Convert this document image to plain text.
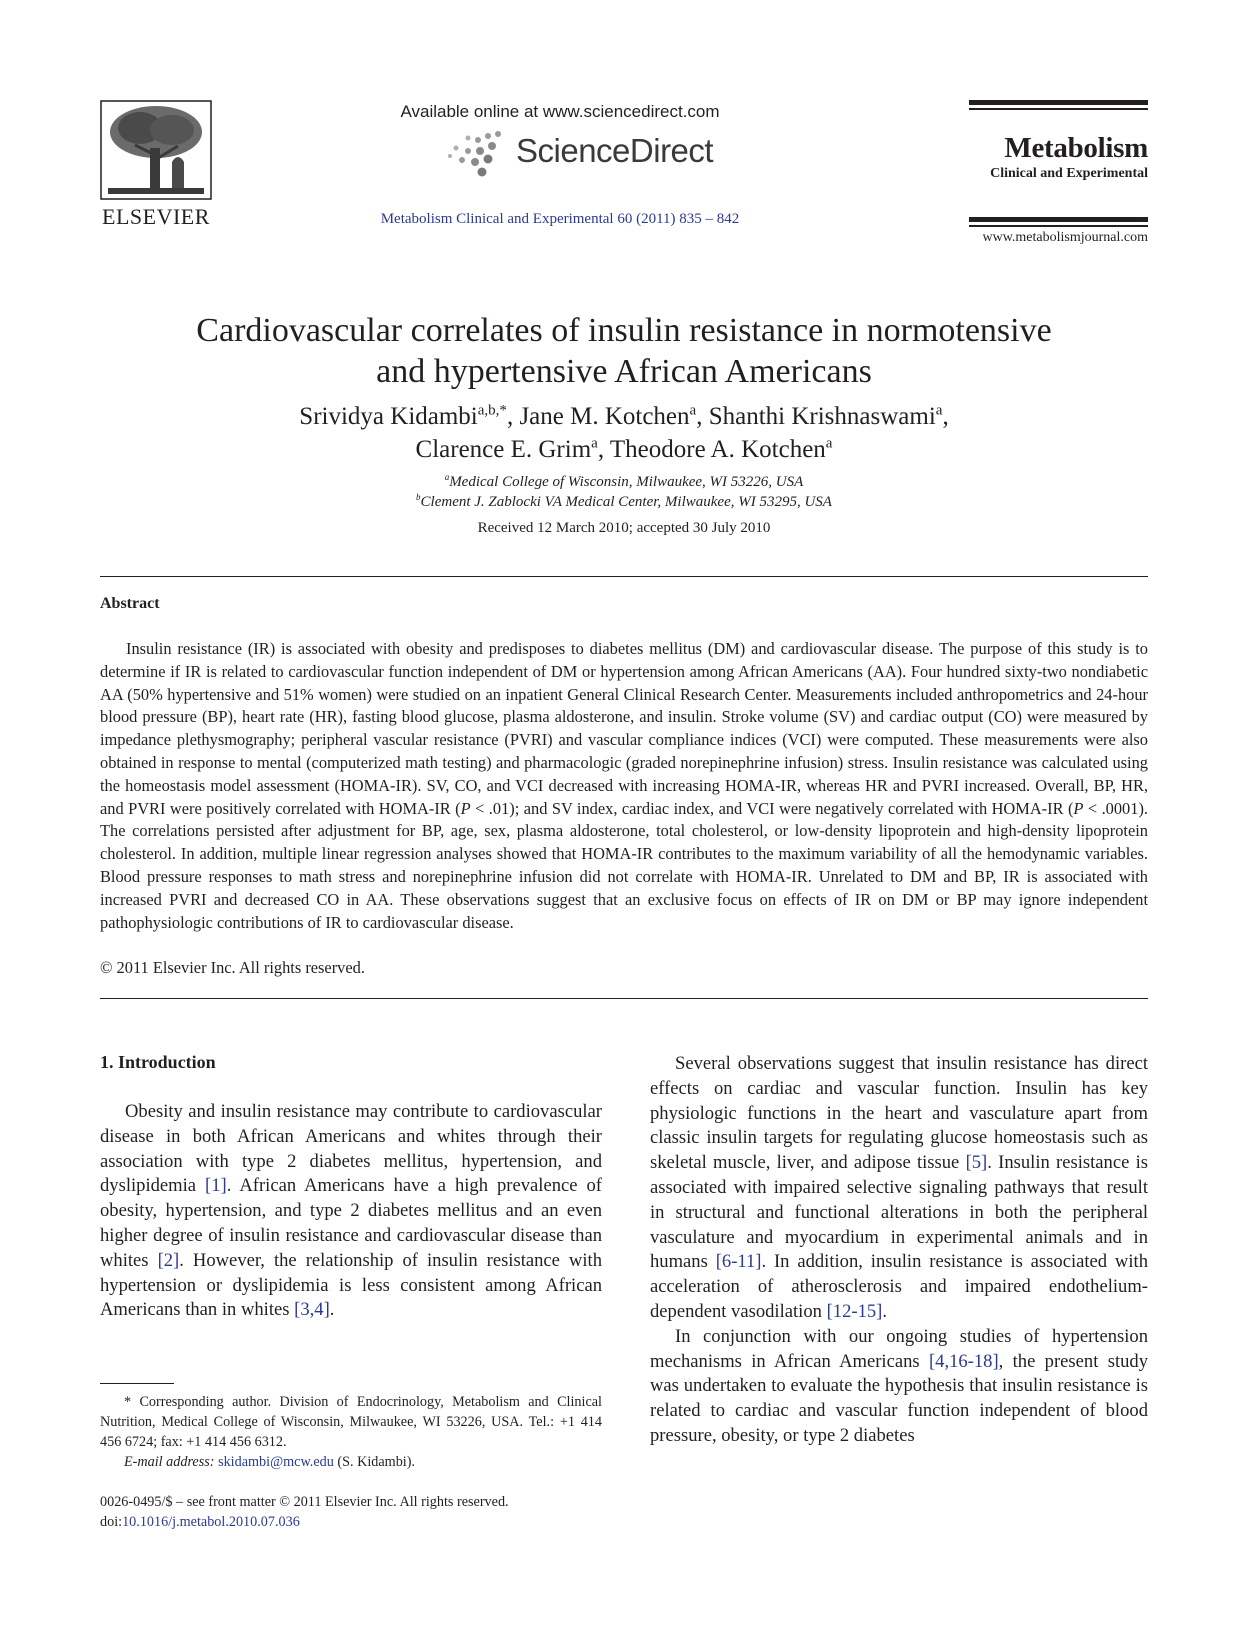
ELSEVIER
Available online at www.sciencedirect.com
ScienceDirect
Metabolism Clinical and Experimental 60 (2011) 835 – 842
Metabolism
Clinical and Experimental
www.metabolismjournal.com
Cardiovascular correlates of insulin resistance in normotensive
and hypertensive African Americans
Srividya Kidambi$^{a,b,*}$, Jane M. Kotchen$^a$, Shanthi Krishnaswami$^a$,
Clarence E. Grim$^a$, Theodore A. Kotchen$^a$
$^a$Medical College of Wisconsin, Milwaukee, WI 53226, USA
$^b$Clement J. Zablocki VA Medical Center, Milwaukee, WI 53295, USA
Received 12 March 2010; accepted 30 July 2010
Abstract
Insulin resistance (IR) is associated with obesity and predisposes to diabetes mellitus (DM) and cardiovascular disease. The purpose of this study is to determine if IR is related to cardiovascular function independent of DM or hypertension among African Americans (AA). Four hundred sixty-two nondiabetic AA (50% hypertensive and 51% women) were studied on an inpatient General Clinical Research Center. Measurements included anthropometrics and 24-hour blood pressure (BP), heart rate (HR), fasting blood glucose, plasma aldosterone, and insulin. Stroke volume (SV) and cardiac output (CO) were measured by impedance plethysmography; peripheral vascular resistance (PVRI) and vascular compliance indices (VCI) were computed. These measurements were also obtained in response to mental (computerized math testing) and pharmacologic (graded norepinephrine infusion) stress. Insulin resistance was calculated using the homeostasis model assessment (HOMA-IR). SV, CO, and VCI decreased with increasing HOMA-IR, whereas HR and PVRI increased. Overall, BP, HR, and PVRI were positively correlated with HOMA-IR (P < .01); and SV index, cardiac index, and VCI were negatively correlated with HOMA-IR (P < .0001). The correlations persisted after adjustment for BP, age, sex, plasma aldosterone, total cholesterol, or low-density lipoprotein and high-density lipoprotein cholesterol. In addition, multiple linear regression analyses showed that HOMA-IR contributes to the maximum variability of all the hemodynamic variables. Blood pressure responses to math stress and norepinephrine infusion did not correlate with HOMA-IR. Unrelated to DM and BP, IR is associated with increased PVRI and decreased CO in AA. These observations suggest that an exclusive focus on effects of IR on DM or BP may ignore independent pathophysiologic contributions of IR to cardiovascular disease.
© 2011 Elsevier Inc. All rights reserved.
1. Introduction

Obesity and insulin resistance may contribute to cardiovascular disease in both African Americans and whites through their association with type 2 diabetes mellitus, hypertension, and dyslipidemia [1]. African Americans have a high prevalence of obesity, hypertension, and type 2 diabetes mellitus and an even higher degree of insulin resistance and cardiovascular disease than whites [2]. However, the relationship of insulin resistance with hypertension or dyslipidemia is less consistent among African Americans than in whites [3,4].

* Corresponding author. Division of Endocrinology, Metabolism and Clinical Nutrition, Medical College of Wisconsin, Milwaukee, WI 53226, USA. Tel.: +1 414 456 6724; fax: +1 414 456 6312.

E-mail address: skidambi@mcw.edu (S. Kidambi).

0026-0495/$ – see front matter © 2011 Elsevier Inc. All rights reserved.
doi:10.1016/j.metabol.2010.07.036

Several observations suggest that insulin resistance has direct effects on cardiac and vascular function. Insulin has key physiologic functions in the heart and vasculature apart from classic insulin targets for regulating glucose homeostasis such as skeletal muscle, liver, and adipose tissue [5]. Insulin resistance is associated with impaired selective signaling pathways that result in structural and functional alterations in both the peripheral vasculature and myocardium in experimental animals and in humans [6-11]. In addition, insulin resistance is associated with acceleration of atherosclerosis and impaired endothelium-dependent vasodilation [12-15].

In conjunction with our ongoing studies of hypertension mechanisms in African Americans [4,16-18], the present study was undertaken to evaluate the hypothesis that insulin resistance is related to cardiac and vascular function independent of blood pressure, obesity, or type 2 diabetes
